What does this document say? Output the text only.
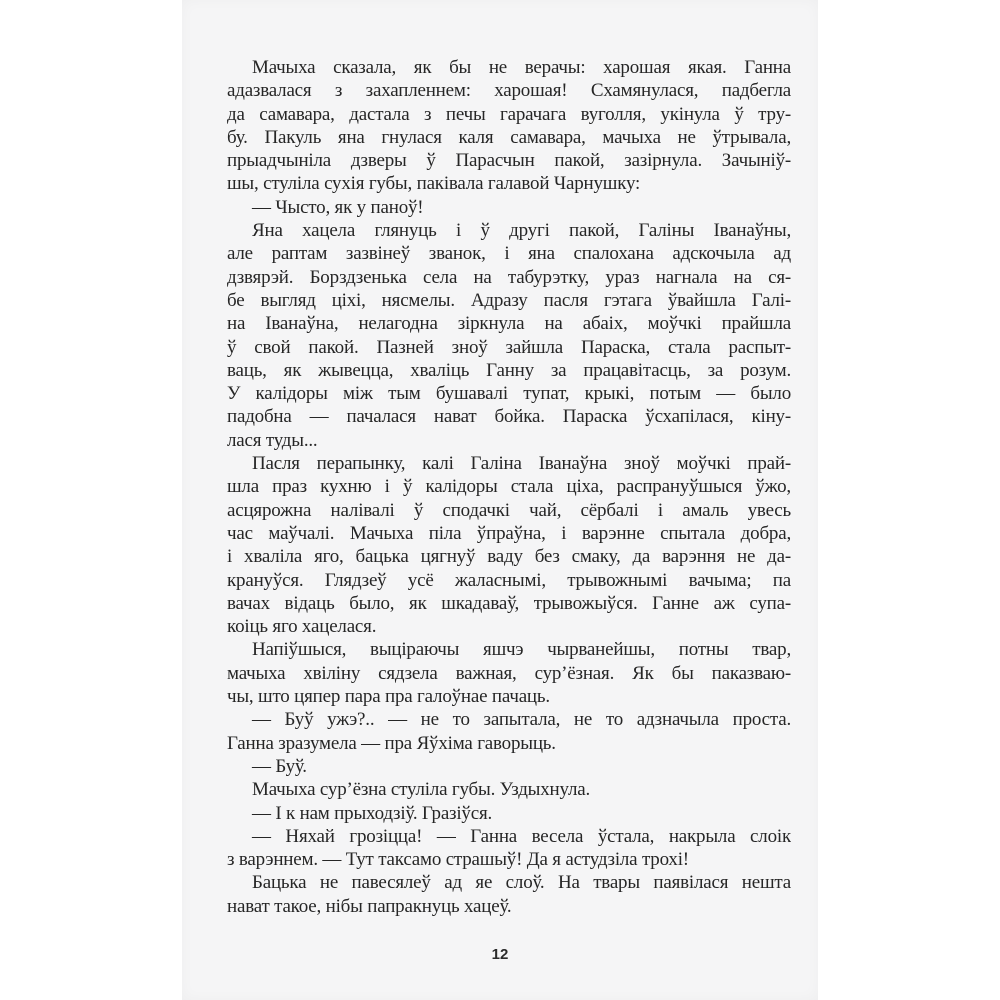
Мачыха сказала, як бы не верачы: харошая якая. Ганна
адазвалася з захапленнем: харошая! Схамянулася, падбегла
да самавара, дастала з печы гарачага вуголля, укінула ў тру-
бу. Пакуль яна гнулася каля самавара, мачыха не ўтрывала,
прыадчыніла дзверы ў Парасчын пакой, зазірнула. Зачыніў-
шы, стуліла сухія губы, паківала галавой Чарнушку:
— Чысто, як у паноў!
Яна хацела глянуць і ў другі пакой, Галіны Іванаўны,
але раптам зазвінеў званок, і яна спалохана адскочыла ад
дзвярэй. Борздзенька села на табурэтку, ураз нагнала на ся-
бе выгляд ціхі, нясмелы. Адразу пасля гэтага ўвайшла Галі-
на Іванаўна, нелагодна зіркнула на абаіх, моўчкі прайшла
ў свой пакой. Пазней зноў зайшла Параска, стала распыт-
ваць, як жывецца, хваліць Ганну за працавітасць, за розум.
У калідоры між тым бушавалі тупат, крыкі, потым — было
падобна — пачалася нават бойка. Параска ўсхапілася, кіну-
лася туды...
Пасля перапынку, калі Галіна Іванаўна зноў моўчкі прай-
шла праз кухню і ў калідоры стала ціха, распрануўшыся ўжо,
асцярожна налівалі ў сподачкі чай, сёрбалі і амаль увесь
час маўчалі. Мачыха піла ўпраўна, і варэнне спытала добра,
і хваліла яго, бацька цягнуў ваду без смаку, да варэння не да-
крануўся. Глядзеў усё жаласнымі, трывожнымі вачыма; па
вачах відаць было, як шкадаваў, трывожыўся. Ганне аж супа-
коіць яго хацелася.
Напіўшыся, выціраючы яшчэ чырванейшы, потны твар,
мачыха хвіліну сядзела важная, сур’ёзная. Як бы паказваю-
чы, што цяпер пара пра галоўнае пачаць.
— Буў ужэ?.. — не то запытала, не то адзначыла проста.
Ганна зразумела — пра Яўхіма гаворыць.
— Буў.
Мачыха сур’ёзна стуліла губы. Уздыхнула.
— І к нам прыходзіў. Гразіўся.
— Няхай грозіцца! — Ганна весела ўстала, накрыла слоік
з варэннем. — Тут таксамо страшыў! Да я астудзіла трохі!
Бацька не павесялеў ад яе слоў. На твары паявілася нешта
нават такое, нібы папракнуць хацеў.
12
